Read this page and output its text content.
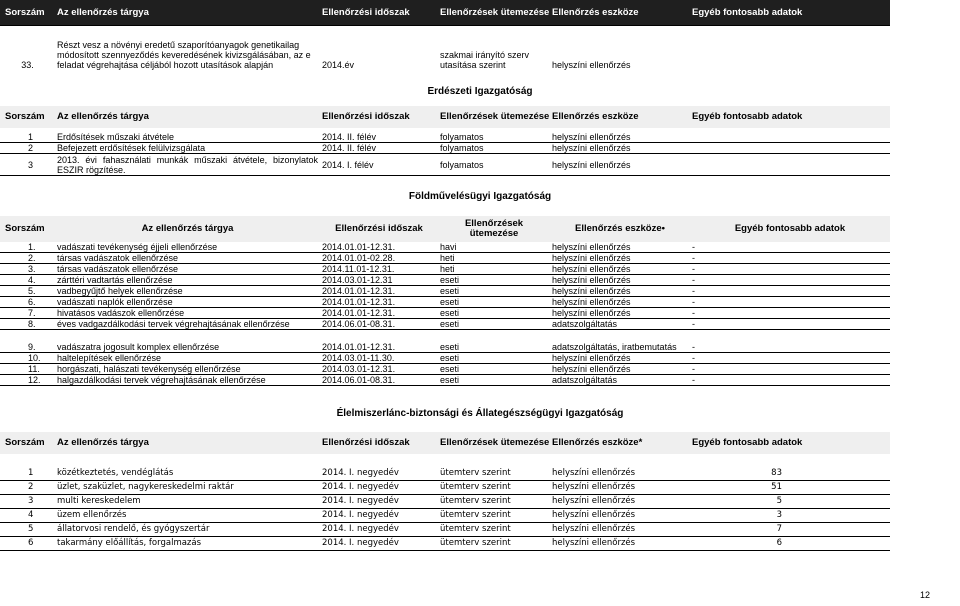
Sorszám	Az ellenőrzés tárgya	Ellenőrzési időszak	Ellenőrzések ütemezése	Ellenőrzés eszköze	Egyéb fontosabb adatok
33.	Részt vesz a növényi eredetű szaporítóanyagok genetikailag módosított szennyeződés keveredésének kivizsgálásában, az e feladat végrehajtása céljából hozott utasítások alapján	2014.év	szakmai irányító szerv utasítása szerint	helyszíni ellenőrzés	
Erdészeti Igazgatóság
Sorszám	Az ellenőrzés tárgya	Ellenőrzési időszak	Ellenőrzések ütemezése	Ellenőrzés eszköze	Egyéb fontosabb adatok

1	Erdősítések műszaki átvétele	2014. II. félév	folyamatos	helyszíni ellenőrzés	
2	Befejezett erdősítések felülvizsgálata	2014. II. félév	folyamatos	helyszíni ellenőrzés	
3	2013. évi fahasználati munkák műszaki átvétele, bizonylatok ESZIR rögzítése.	2014. I. félév	folyamatos	helyszíni ellenőrzés	
Földművelésügyi Igazgatóság
Sorszám	Az ellenőrzés tárgya	Ellenőrzési időszak	Ellenőrzések ütemezése	Ellenőrzés eszköze•	Egyéb fontosabb adatok
1.	vadászati tevékenység éjjeli ellenőrzése	2014.01.01-12.31.	havi	helyszíni ellenőrzés	-
2.	társas vadászatok ellenőrzése	2014.01.01-02.28.	heti	helyszíni ellenőrzés	-
3.	társas vadászatok ellenőrzése	2014.11.01-12.31.	heti	helyszíni ellenőrzés	-
4.	zárttéri vadtartás ellenőrzése	2014.03.01-12.31	eseti	helyszíni ellenőrzés	-
5.	vadbegyűjtő helyek ellenőrzése	2014.01.01-12.31.	eseti	helyszíni ellenőrzés	-
6.	vadászati naplók ellenőrzése	2014.01.01-12.31.	eseti	helyszíni ellenőrzés	-
7.	hivatásos vadászok ellenőrzése	2014.01.01-12.31.	eseti	helyszíni ellenőrzés	-
8.	éves vadgazdálkodási tervek végrehajtásának ellenőrzése	2014.06.01-08.31.	eseti	adatszolgáltatás	-

9.	vadászatra jogosult komplex ellenőrzése	2014.01.01-12.31.	eseti	adatszolgáltatás, iratbemutatás	-
10.	haltelepítések ellenőrzése	2014.03.01-11.30.	eseti	helyszíni ellenőrzés	-
11.	horgászati, halászati tevékenység ellenőrzése	2014.03.01-12.31.	eseti	helyszíni ellenőrzés	-
12.	halgazdálkodási tervek végrehajtásának ellenőrzése	2014.06.01-08.31.	eseti	adatszolgáltatás	-
Élelmiszerlánc-biztonsági és Állategészségügyi Igazgatóság
Sorszám	Az ellenőrzés tárgya	Ellenőrzési időszak	Ellenőrzések ütemezése	Ellenőrzés eszköze*	Egyéb fontosabb adatok

1	közétkeztetés, vendéglátás	2014. I. negyedév	ütemterv szerint	helyszíni ellenőrzés	83
2	üzlet, szaküzlet, nagykereskedelmi raktár	2014. I. negyedév	ütemterv szerint	helyszíni ellenőrzés	51
3	multi kereskedelem	2014. I. negyedév	ütemterv szerint	helyszíni ellenőrzés	5
4	üzem ellenőrzés	2014. I. negyedév	ütemterv szerint	helyszíni ellenőrzés	3
5	állatorvosi rendelő, és gyógyszertár	2014. I. negyedév	ütemterv szerint	helyszíni ellenőrzés	7
6	takarmány előállítás, forgalmazás	2014. I. negyedév	ütemterv szerint	helyszíni ellenőrzés	6
12
